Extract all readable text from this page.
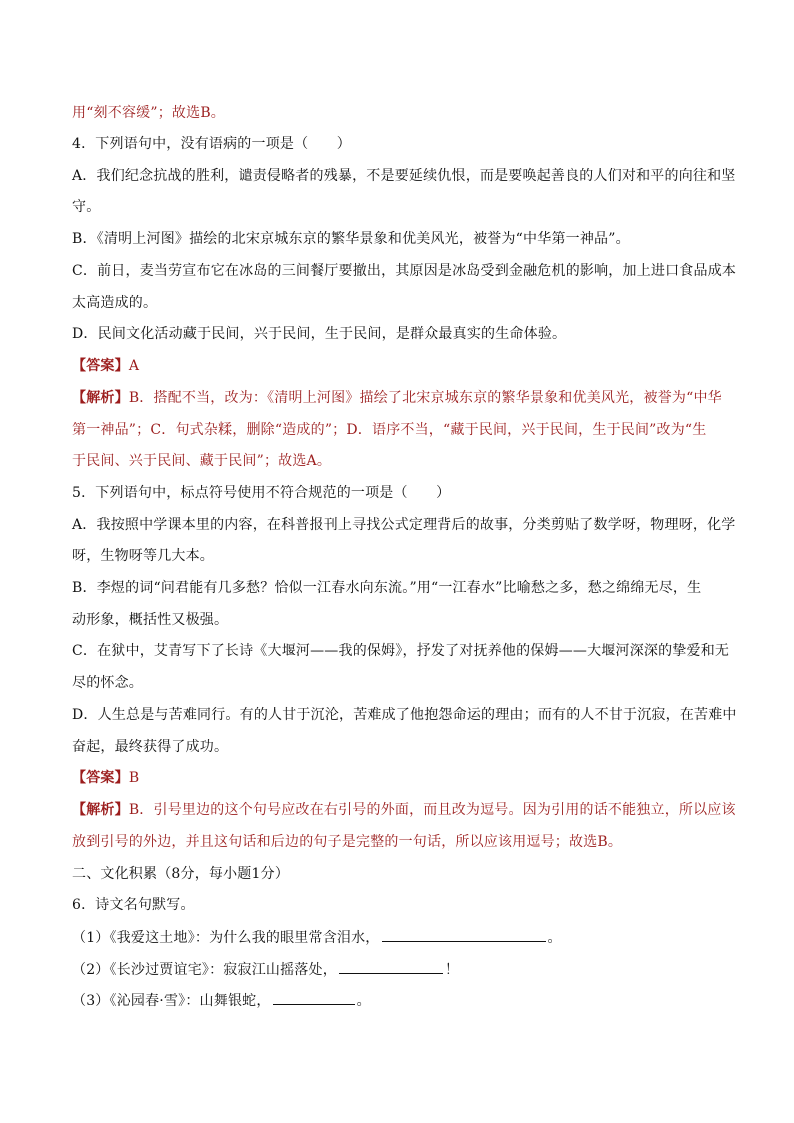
用“刻不容缓”；故选B。
4．下列语句中，没有语病的一项是（　　）
A．我们纪念抗战的胜利，谴责侵略者的残暴，不是要延续仇恨，而是要唤起善良的人们对和平的向往和坚
守。
B．《清明上河图》描绘的北宋京城东京的繁华景象和优美风光，被誉为“中华第一神品”。
C．前日，麦当劳宣布它在冰岛的三间餐厅要撤出，其原因是冰岛受到金融危机的影响，加上进口食品成本
太高造成的。
D．民间文化活动藏于民间，兴于民间，生于民间，是群众最真实的生命体验。
【答案】A
【解析】B．搭配不当，改为：《清明上河图》描绘了北宋京城东京的繁华景象和优美风光，被誉为“中华
第一神品”；C．句式杂糅，删除“造成的”；D．语序不当，“藏于民间，兴于民间，生于民间”改为“生
于民间、兴于民间、藏于民间”；故选A。
5．下列语句中，标点符号使用不符合规范的一项是（　　）
A．我按照中学课本里的内容，在科普报刊上寻找公式定理背后的故事，分类剪贴了数学呀，物理呀，化学
呀，生物呀等几大本。
B．李煜的词“问君能有几多愁？恰似一江春水向东流。”用“一江春水”比喻愁之多，愁之绵绵无尽，生
动形象，概括性又极强。
C．在狱中，艾青写下了长诗《大堰河——我的保姆》，抒发了对抚养他的保姆——大堰河深深的挚爱和无
尽的怀念。
D．人生总是与苦难同行。有的人甘于沉沦，苦难成了他抱怨命运的理由；而有的人不甘于沉寂，在苦难中
奋起，最终获得了成功。
【答案】B
【解析】B．引号里边的这个句号应改在右引号的外面，而且改为逗号。因为引用的话不能独立，所以应该
放到引号的外边，并且这句话和后边的句子是完整的一句话，所以应该用逗号；故选B。
二、文化积累（8分，每小题1分）
6．诗文名句默写。
（1）《我爱这土地》：为什么我的眼里常含泪水，	。
（2）《长沙过贾谊宅》：寂寂江山摇落处，	！
（3）《沁园春·雪》：山舞银蛇，	。
